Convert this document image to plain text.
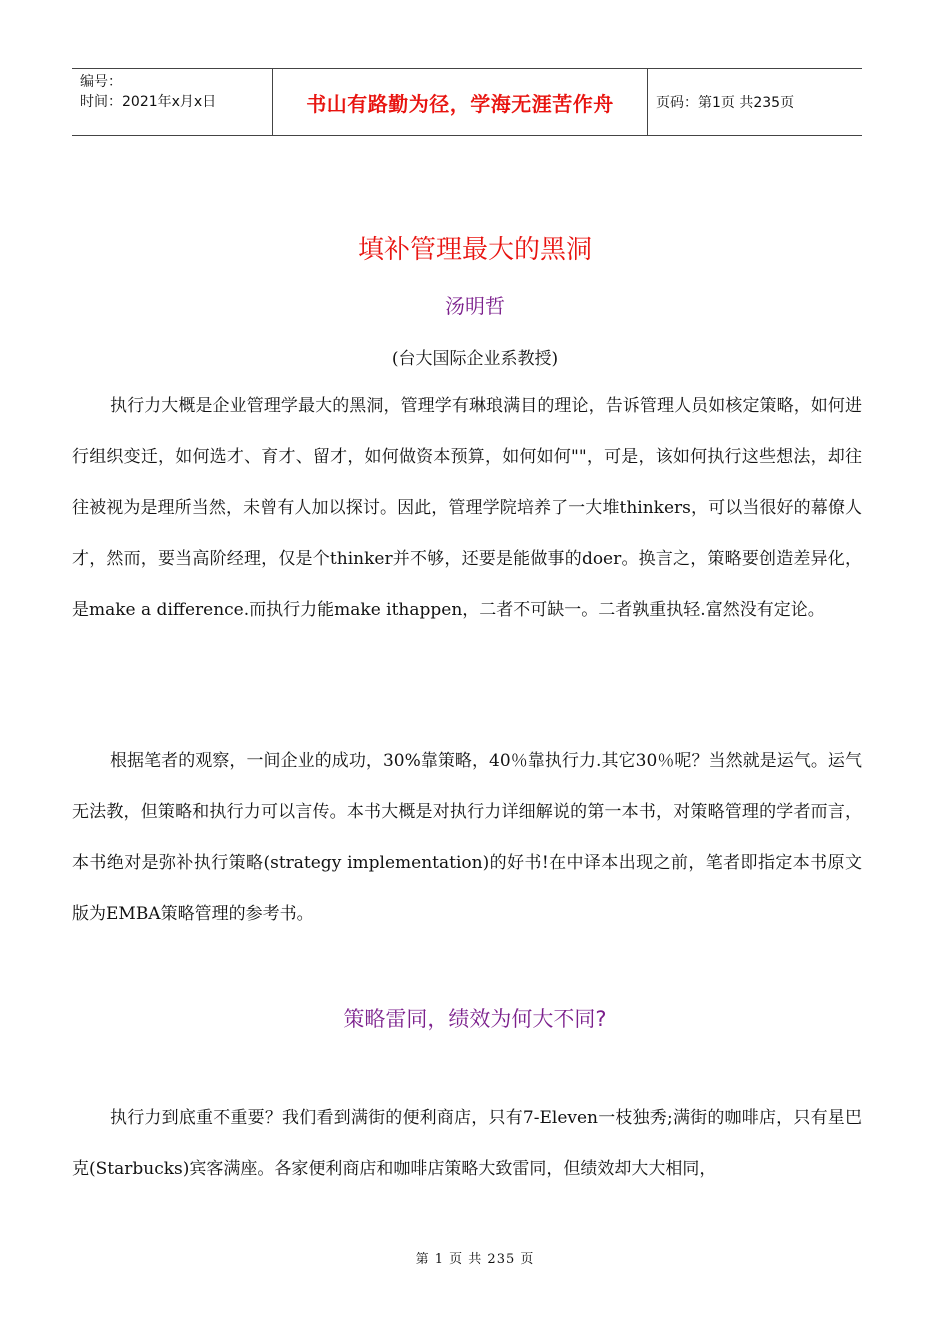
编号：
时间：2021年x月x日	书山有路勤为径，学海无涯苦作舟	页码：第1页 共235页
填补管理最大的黑洞
汤明哲
(台大国际企业系教授)

执行力大概是企业管理学最大的黑洞，管理学有琳琅满目的理论，告诉管理人员如核定策略，如何进行组织变迁，如何选才、育才、留才，如何做资本预算，如何如何""，可是，该如何执行这些想法，却往往被视为是理所当然，未曾有人加以探讨。因此，管理学院培养了一大堆thinkers，可以当很好的幕僚人才，然而，要当高阶经理，仅是个thinker并不够，还要是能做事的doer。换言之，策略要创造差异化，是make a difference.而执行力能make ithappen，二者不可缺一。二者孰重执轻.富然没有定论。

根据笔者的观察，一间企业的成功，30%靠策略，40％靠执行力.其它30％呢？当然就是运气。运气无法教，但策略和执行力可以言传。本书大概是对执行力详细解说的第一本书，对策略管理的学者而言，本书绝对是弥补执行策略(strategy implementation)的好书!在中译本出现之前，笔者即指定本书原文版为EMBA策略管理的参考书。

策略雷同，绩效为何大不同?

执行力到底重不重要？我们看到满街的便利商店，只有7-Eleven一枝独秀;满街的咖啡店，只有星巴克(Starbucks)宾客满座。各家便利商店和咖啡店策略大致雷同，但绩效却大大相同，

第 1 页 共 235 页
